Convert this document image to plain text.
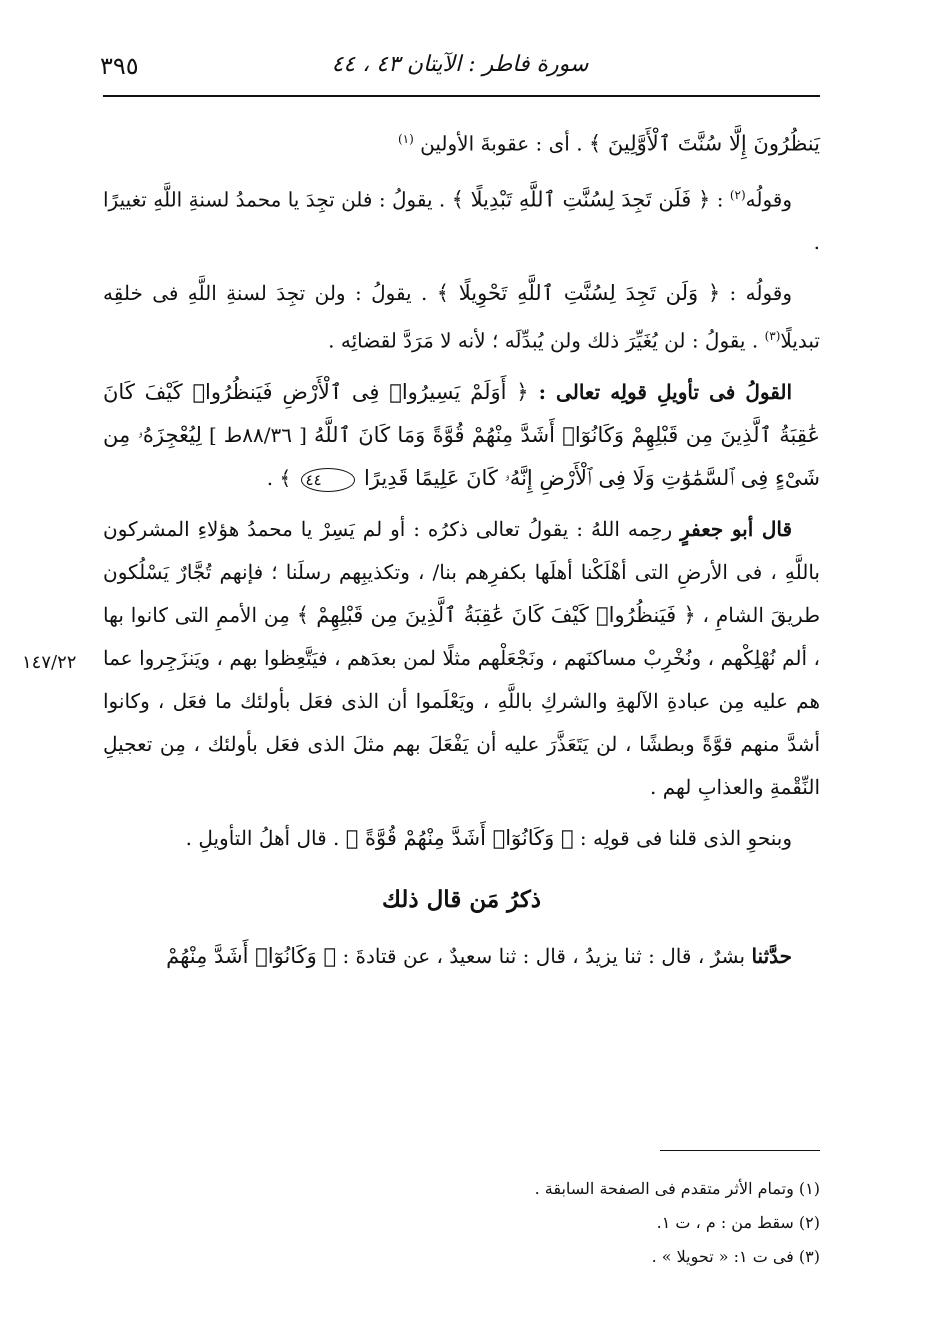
٣٩٥	سورة فاطر : الآيتان ٤٣ ، ٤٤
١٤٧/٢٢

يَنظُرُونَ إِلَّا سُنَّتَ ٱلْأَوَّلِينَ ﴾ . أى : عقوبةَ الأولين $^{(١)}$

وقولُه$^{(٢)}$ : ﴿ فَلَن تَجِدَ لِسُنَّتِ ٱللَّهِ تَبْدِيلًا ﴾ . يقولُ : فلن تجِدَ يا محمدُ لسنةِ اللَّهِ تغييرًا .

وقولُه : ﴿ وَلَن تَجِدَ لِسُنَّتِ ٱللَّهِ تَحْوِيلًا ﴾ . يقولُ : ولن تجِدَ لسنةِ اللَّهِ فى خلقِه تبديلًا$^{(٣)}$ . يقولُ : لن يُغَيِّرَ ذلك ولن يُبدِّلَه ؛ لأنه لا مَرَدَّ لقضائِه .

القولُ فى تأويلِ قولِه تعالى : ﴿ أَوَلَمْ يَسِيرُوا۟ فِى ٱلْأَرْضِ فَيَنظُرُوا۟ كَيْفَ كَانَ عَٰقِبَةُ ٱلَّذِينَ مِن قَبْلِهِمْ وَكَانُوٓا۟ أَشَدَّ مِنْهُمْ قُوَّةً وَمَا كَانَ ٱللَّهُ [ ٨٨/٣٦ط ] لِيُعْجِزَهُۥ مِن شَىْءٍ فِى ٱلسَّمَٰوَٰتِ وَلَا فِى ٱلْأَرْضِ إِنَّهُۥ كَانَ عَلِيمًا قَدِيرًا ٤٤ ﴾ .

قال أبو جعفرٍ رحِمه اللهُ : يقولُ تعالى ذكرُه : أو لم يَسِرْ يا محمدُ هؤلاءِ المشركون باللَّهِ ، فى الأرضِ التى أهْلَكْنا أهلَها بكفرِهم بنا/ ، وتكذيبِهم رسلَنا ؛ فإنهم تُجَّارٌ يَسْلُكون طريقَ الشامِ ، ﴿ فَيَنظُرُوا۟ كَيْفَ كَانَ عَٰقِبَةُ ٱلَّذِينَ مِن قَبْلِهِمْ ﴾ مِن الأممِ التى كانوا بها ، ألم نُهْلِكْهم ، ونُخْرِبْ مساكنَهم ، ونَجْعَلْهم مثلًا لمن بعدَهم ، فيَتَّعِظوا بهم ، ويَنزَجِروا عما هم عليه مِن عبادةِ الآلهةِ والشركِ باللَّهِ ، ويَعْلَموا أن الذى فعَل بأولئك ما فعَل ، وكانوا أشدَّ منهم قوَّةً وبطشًا ، لن يَتَعَذَّرَ عليه أن يَفْعَلَ بهم مثلَ الذى فعَل بأولئك ، مِن تعجيلِ النِّقْمةِ والعذابِ لهم .

وبنحوِ الذى قلنا فى قولِه : ﴿ وَكَانُوٓا۟ أَشَدَّ مِنْهُمْ قُوَّةً ﴾ . قال أهلُ التأويلِ .

ذكرُ مَن قال ذلك

حدَّثنا بشرٌ ، قال : ثنا يزيدُ ، قال : ثنا سعيدٌ ، عن قتادةَ : ﴿ وَكَانُوٓا۟ أَشَدَّ مِنْهُمْ

(١) وتمام الأثر متقدم فى الصفحة السابقة .

(٢) سقط من : م ، ت ١.

(٣) فى ت ١: « تحويلا » .
